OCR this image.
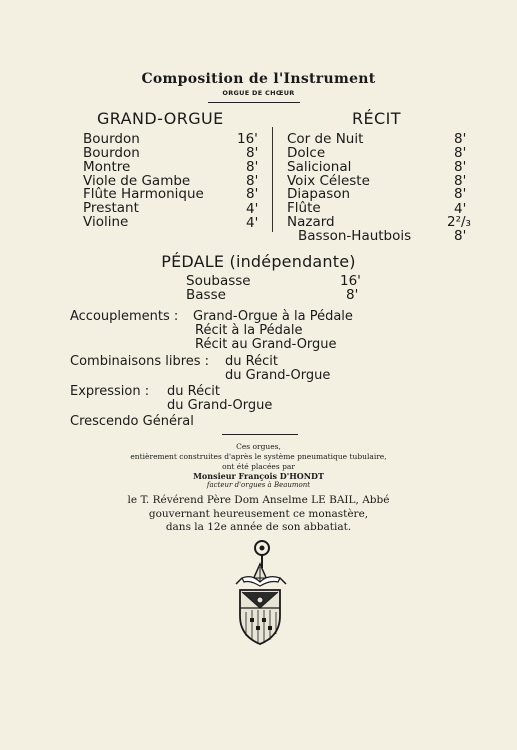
Composition de l'Instrument
ORGUE DE CHŒUR
GRAND-ORGUE	RÉCIT
Bourdon	16'
Bourdon	8'
Montre	8'
Viole de Gambe	8'
Flûte Harmonique	8'
Prestant	4'
Violine	4'
Cor de Nuit	8'
Dolce	8'
Salicional	8'
Voix Céleste	8'
Diapason	8'
Flûte	4'
Nazard	2²/₃
Basson-Hautbois	8'
PÉDALE (indépendante)
Soubasse	16'
Basse	8'
Accouplements : Grand-Orgue à la Pédale
Récit à la Pédale
Récit au Grand-Orgue
Combinaisons libres : du Récit
du Grand-Orgue
Expression : du Récit
du Grand-Orgue
Crescendo Général
Ces orgues,
entièrement construites d'après le système pneumatique tubulaire,
ont été placées par
Monsieur François D'HONDT
facteur d'orgues à Beaumont
le T. Révérend Père Dom Anselme LE BAIL, Abbé
gouvernant heureusement ce monastère,
dans la 12e année de son abbatiat.
